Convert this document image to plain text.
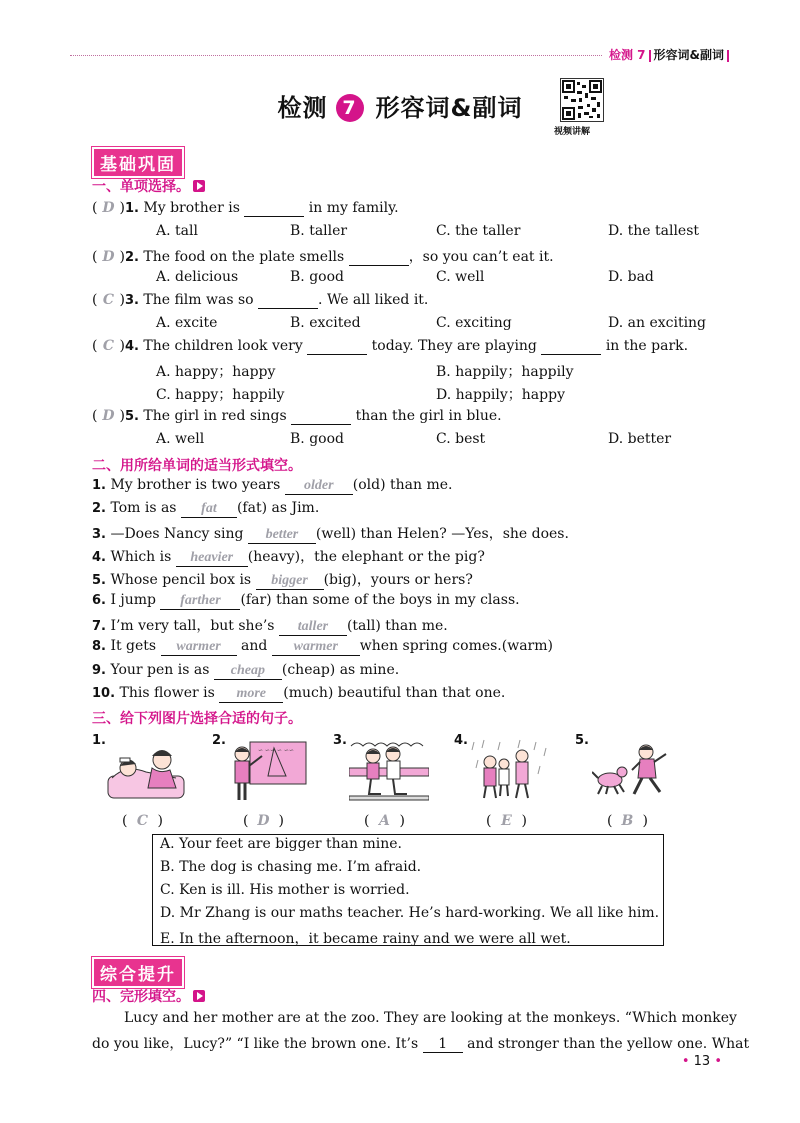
检测 7 形容词&副词
检测 7 形容词&副词
视频讲解
基础巩固
一、单项选择。
( D )1. My brother is	in my family.
A. tall	B. taller	C. the taller	D. the tallest
( D )2. The food on the plate smells	，so you can’t eat it.
A. delicious	B. good	C. well	D. bad
( C )3. The film was so	. We all liked it.
A. excite	B. excited	C. exciting	D. an exciting
( C )4. The children look very	today. They are playing	in the park.
A. happy；happy	B. happily；happily
C. happy；happily	D. happily；happy
( D )5. The girl in red sings	than the girl in blue.
A. well	B. good	C. best	D. better
二、用所给单词的适当形式填空。
1. My brother is two years older (old) than me.
2. Tom is as fat (fat) as Jim.
3. —Does Nancy sing better (well) than Helen? —Yes，she does.
4. Which is heavier (heavy)，the elephant or the pig?
5. Whose pencil box is bigger (big)，yours or hers?
6. I jump farther (far) than some of the boys in my class.
7. I’m very tall，but she’s taller (tall) than me.
8. It gets warmer and warmer when spring comes.(warm)
9. Your pen is as cheap (cheap) as mine.
10. This flower is more (much) beautiful than that one.
三、给下列图片选择合适的句子。
1.	2.	3.	4.	5.
∽ ∽∽ ∽ ∽∽
( C )	( D )	( A )	( E )	( B )
A. Your feet are bigger than mine.
B. The dog is chasing me. I’m afraid.
C. Ken is ill. His mother is worried.
D. Mr Zhang is our maths teacher. He’s hard-working. We all like him.
E. In the afternoon，it became rainy and we were all wet.
综合提升
四、完形填空。
Lucy and her mother are at the zoo. They are looking at the monkeys. “Which monkey
do you like，Lucy?” “I like the brown one. It’s 1 and stronger than the yellow one. What
• 13 •
